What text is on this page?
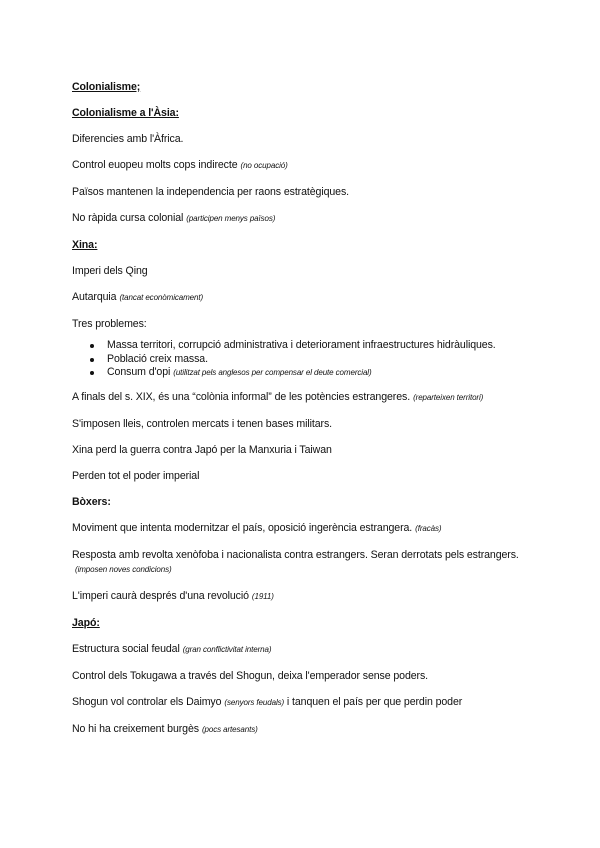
Colonialisme;

Colonialisme a l'Àsia:

Diferencies amb l'Àfrica.

Control euopeu molts cops indirecte (no ocupació)

Països mantenen la independencia per raons estratègiques.

No ràpida cursa colonial (participen menys països)

Xina:

Imperi dels Qing

Autarquia (tancat econòmicament)

Tres problemes:

Massa territori, corrupció administrativa i deteriorament infraestructures hidràuliques.
Població creix massa.
Consum d'opi (utilitzat pels anglesos per compensar el deute comercial)

A finals del s. XIX, és una “colònia informal” de les potències estrangeres. (reparteixen territori)

S'imposen lleis, controlen mercats i tenen bases militars.

Xina perd la guerra contra Japó per la Manxuria i Taiwan

Perden tot el poder imperial

Bòxers:

Moviment que intenta modernitzar el país, oposició ingerència estrangera. (fracàs)

Resposta amb revolta xenòfoba i nacionalista contra estrangers. Seran derrotats pels estrangers.(imposen noves condicions)

L'imperi caurà després d'una revolució (1911)

Japó:

Estructura social feudal (gran conflictivitat interna)

Control dels Tokugawa a través del Shogun, deixa l'emperador sense poders.

Shogun vol controlar els Daimyo (senyors feudals) i tanquen el país per que perdin poder

No hi ha creixement burgès (pocs artesants)
